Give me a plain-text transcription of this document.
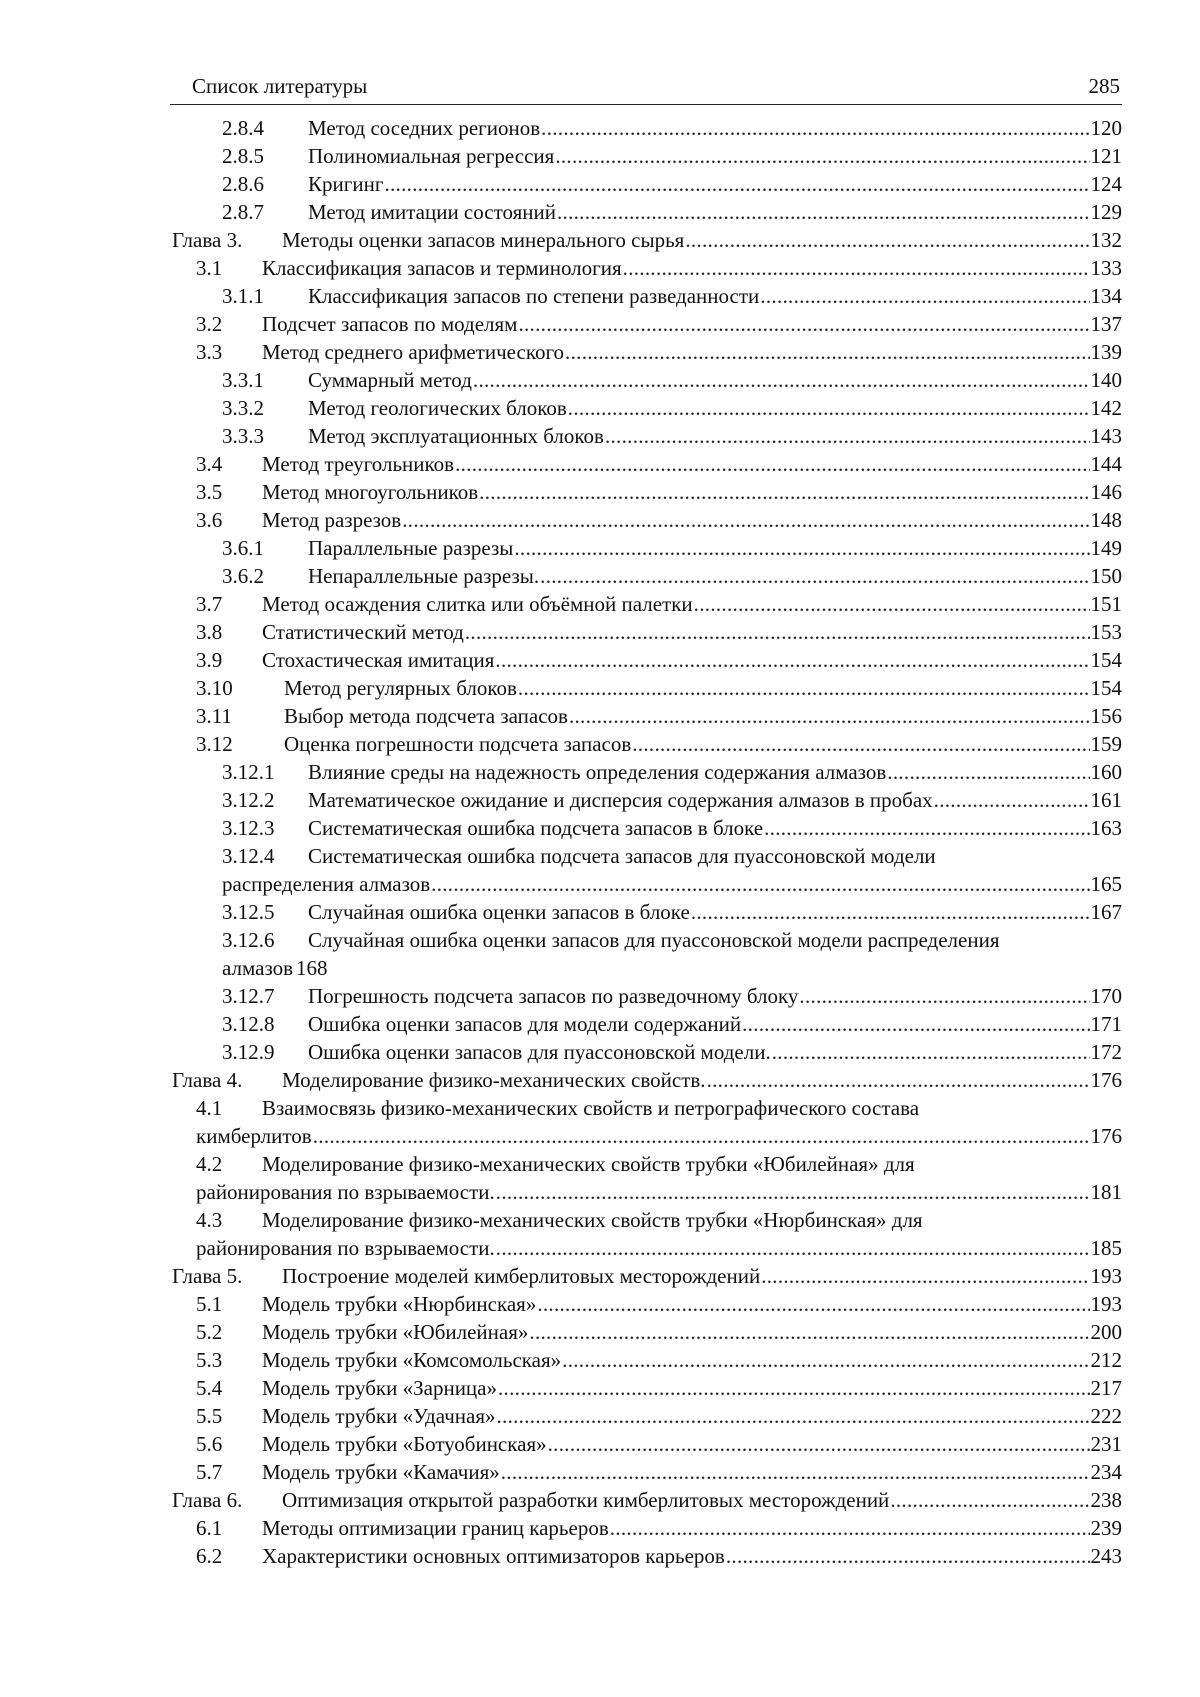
Список литературы	285
2.8.4	Метод соседних регионов .....	120
2.8.5	Полиномиальная регрессия .....	121
2.8.6	Кригинг .....	124
2.8.7	Метод имитации состояний .....	129
Глава 3.	Методы оценки запасов минерального сырья .....	132
3.1	Классификация запасов и терминология .....	133
3.1.1	Классификация запасов по степени разведанности .....	134
3.2	Подсчет запасов по моделям .....	137
3.3	Метод среднего арифметического .....	139
3.3.1	Суммарный метод .....	140
3.3.2	Метод геологических блоков .....	142
3.3.3	Метод эксплуатационных блоков .....	143
3.4	Метод треугольников .....	144
3.5	Метод многоугольников .....	146
3.6	Метод разрезов .....	148
3.6.1	Параллельные разрезы .....	149
3.6.2	Непараллельные разрезы. .....	150
3.7	Метод осаждения слитка или объёмной палетки .....	151
3.8	Статистический метод .....	153
3.9	Стохастическая имитация .....	154
3.10	Метод регулярных блоков .....	154
3.11	Выбор метода подсчета запасов .....	156
3.12	Оценка погрешности подсчета запасов .....	159
3.12.1	Влияние среды на надежность определения содержания алмазов .....	160
3.12.2	Математическое ожидание и дисперсия содержания алмазов в пробах .....	161
3.12.3	Систематическая ошибка подсчета запасов в блоке .....	163
3.12.4	Систематическая ошибка подсчета запасов для пуассоновской модели
распределения алмазов .....	165
3.12.5	Случайная ошибка оценки запасов в блоке .....	167
3.12.6	Случайная ошибка оценки запасов для пуассоновской модели распределения
алмазов 168
3.12.7	Погрешность подсчета запасов по разведочному блоку .....	170
3.12.8	Ошибка оценки запасов для модели содержаний .....	171
3.12.9	Ошибка оценки запасов для пуассоновской модели. .....	172
Глава 4.	Моделирование физико-механических свойств. .....	176
4.1	Взаимосвязь физико-механических свойств и петрографического состава
кимберлитов .....	176
4.2	Моделирование физико-механических свойств трубки «Юбилейная» для
районирования по взрываемости. .....	181
4.3	Моделирование физико-механических свойств трубки «Нюрбинская» для
районирования по взрываемости. .....	185
Глава 5.	Построение моделей кимберлитовых месторождений .....	193
5.1	Модель трубки «Нюрбинская» .....	193
5.2	Модель трубки «Юбилейная» .....	200
5.3	Модель трубки «Комсомольская» .....	212
5.4	Модель трубки «Зарница» .....	217
5.5	Модель трубки «Удачная» .....	222
5.6	Модель трубки «Ботуобинская» .....	231
5.7	Модель трубки «Камачия» .....	234
Глава 6.	Оптимизация открытой разработки кимберлитовых месторождений .....	238
6.1	Методы оптимизации границ карьеров .....	239
6.2	Характеристики основных оптимизаторов карьеров .....	243
